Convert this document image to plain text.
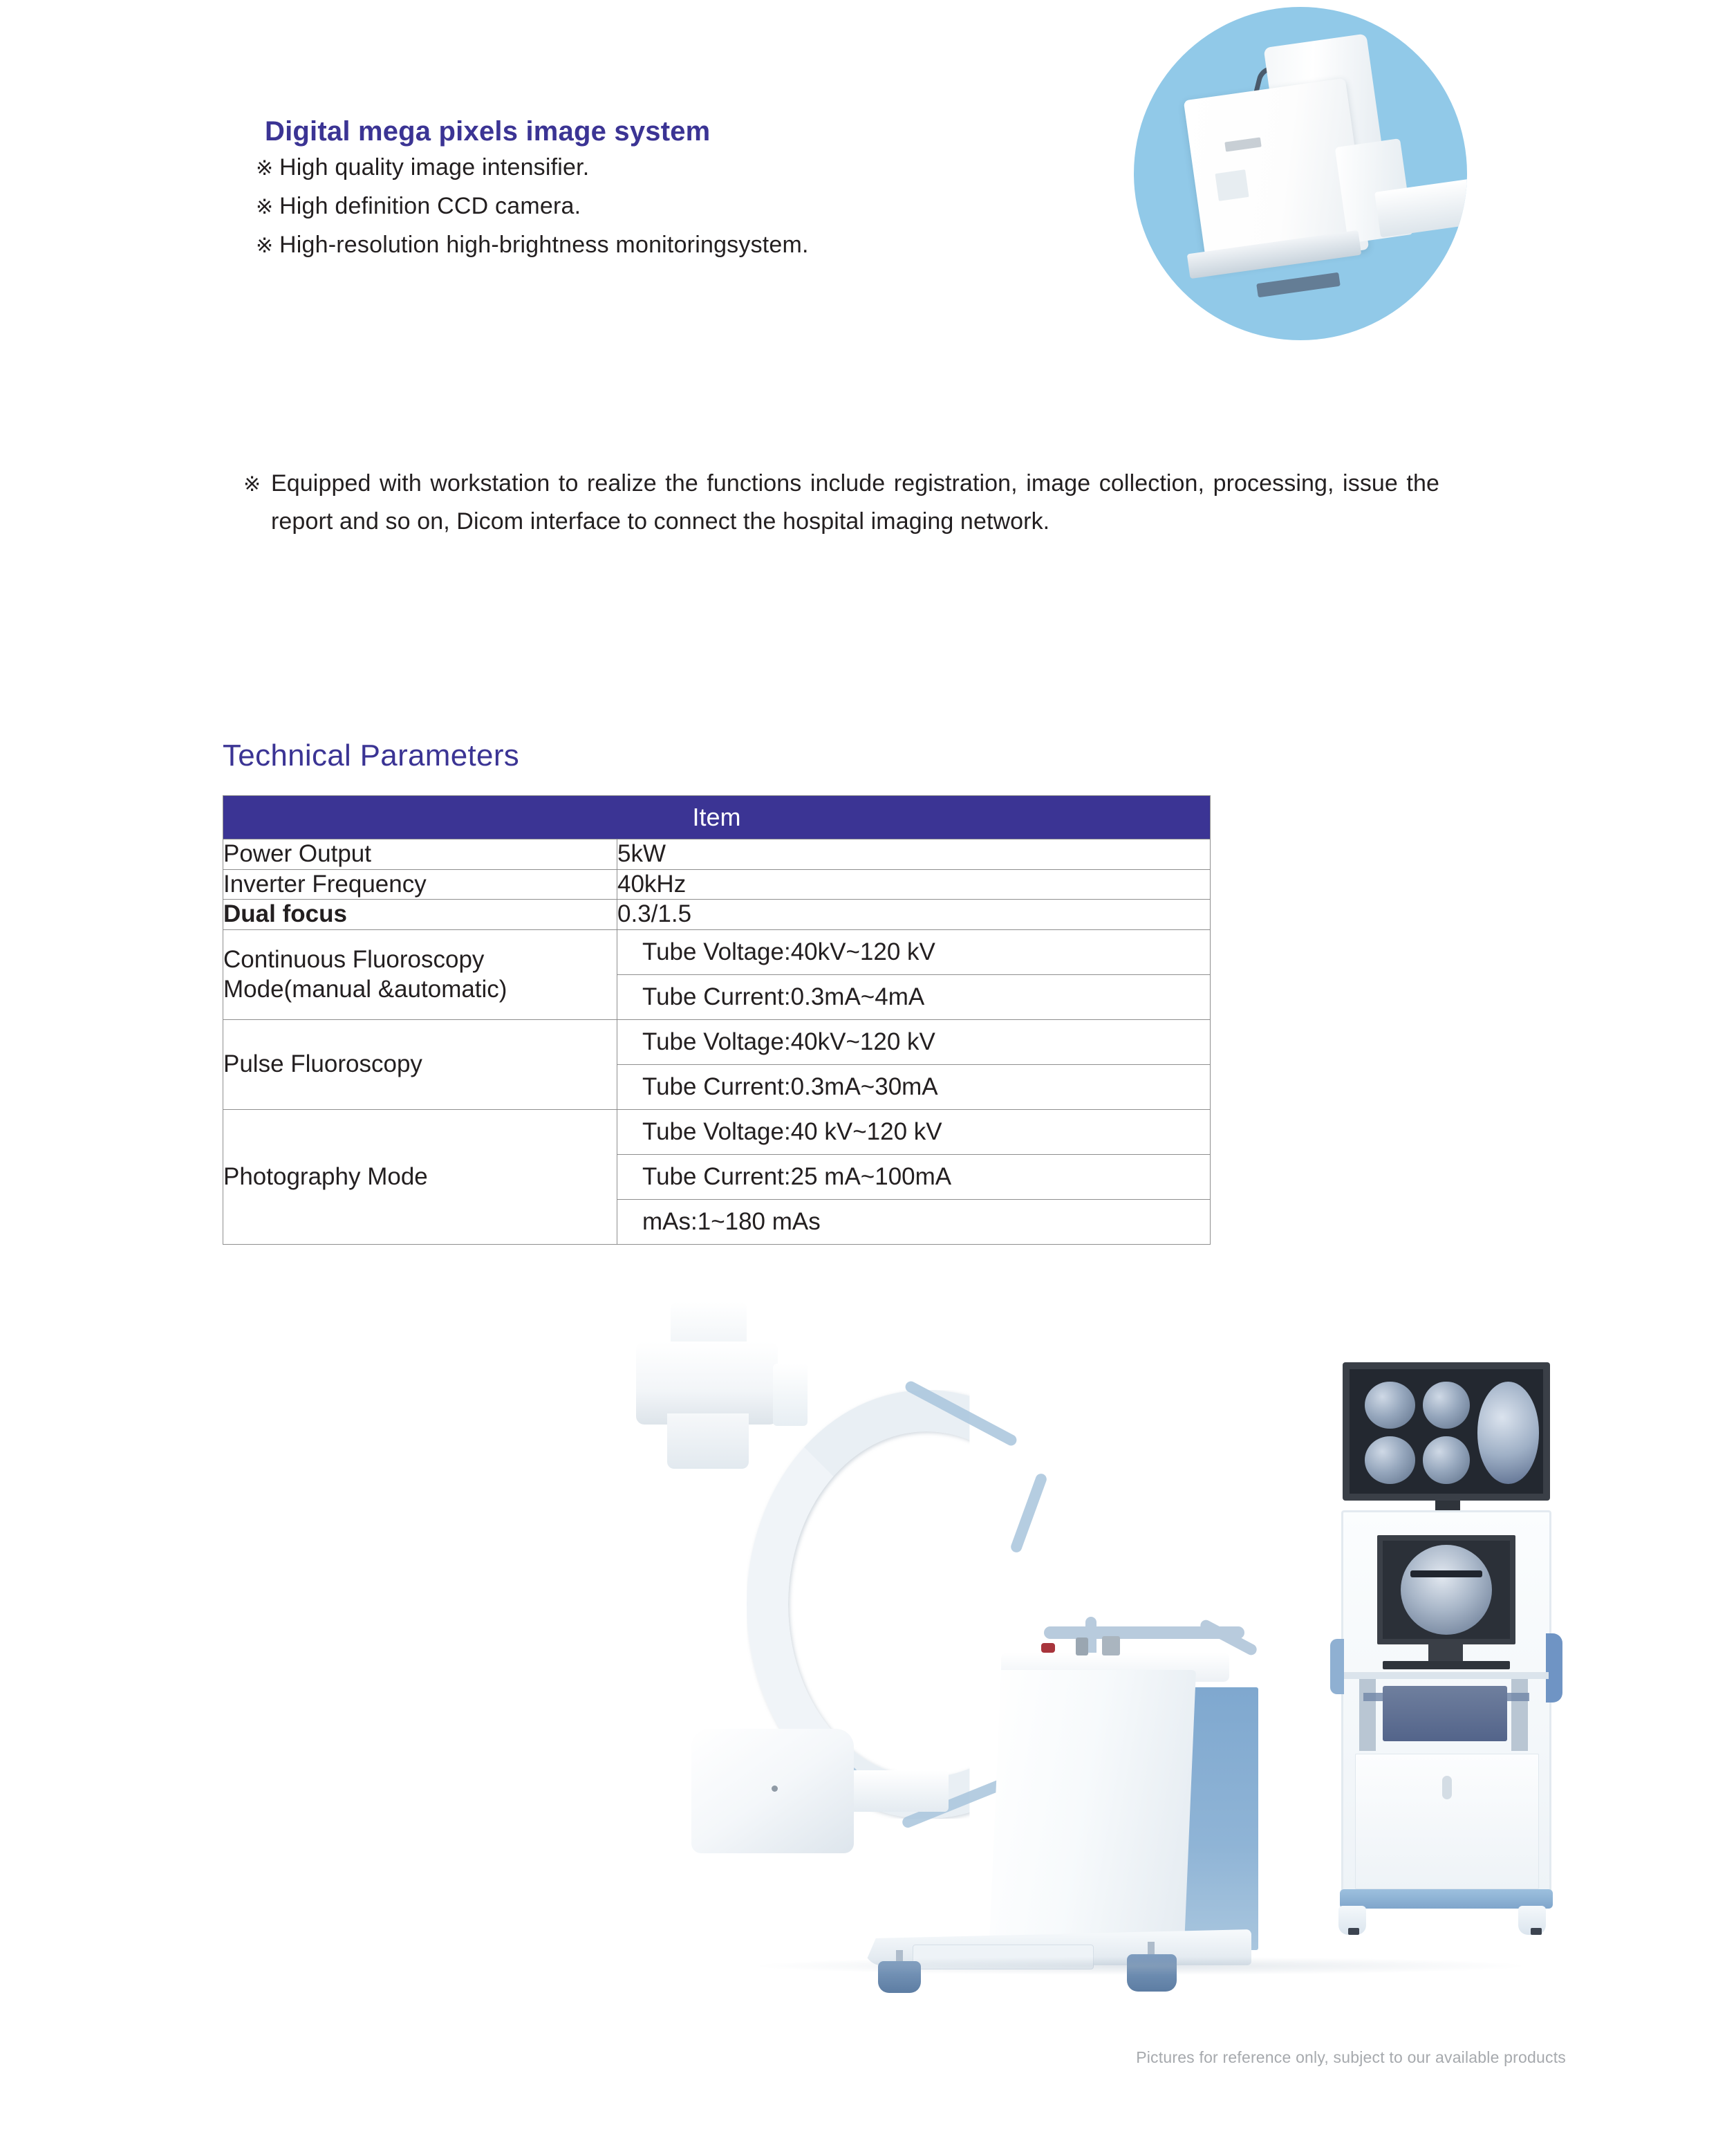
Digital mega pixels image system
※ High quality image intensifier.
※ High definition CCD camera.
※ High-resolution high-brightness monitoringsystem.
※ Equipped with workstation to realize the functions include registration, image collection, processing, issue the report and so on, Dicom interface to connect the hospital imaging network.
Technical Parameters
Item
Power Output	5kW
Inverter Frequency	40kHz
Dual focus	0.3/1.5

Continuous Fluoroscopy
Mode(manual &automatic)

Tube Voltage:40kV~120 kV
Tube Current:0.3mA~4mA

Pulse Fluoroscopy	
Tube Voltage:40kV~120 kV
Tube Current:0.3mA~30mA

Photography Mode	
Tube Voltage:40 kV~120 kV
Tube Current:25 mA~100mA
mAs:1~180 mAs
Pictures for reference only, subject to our available products
